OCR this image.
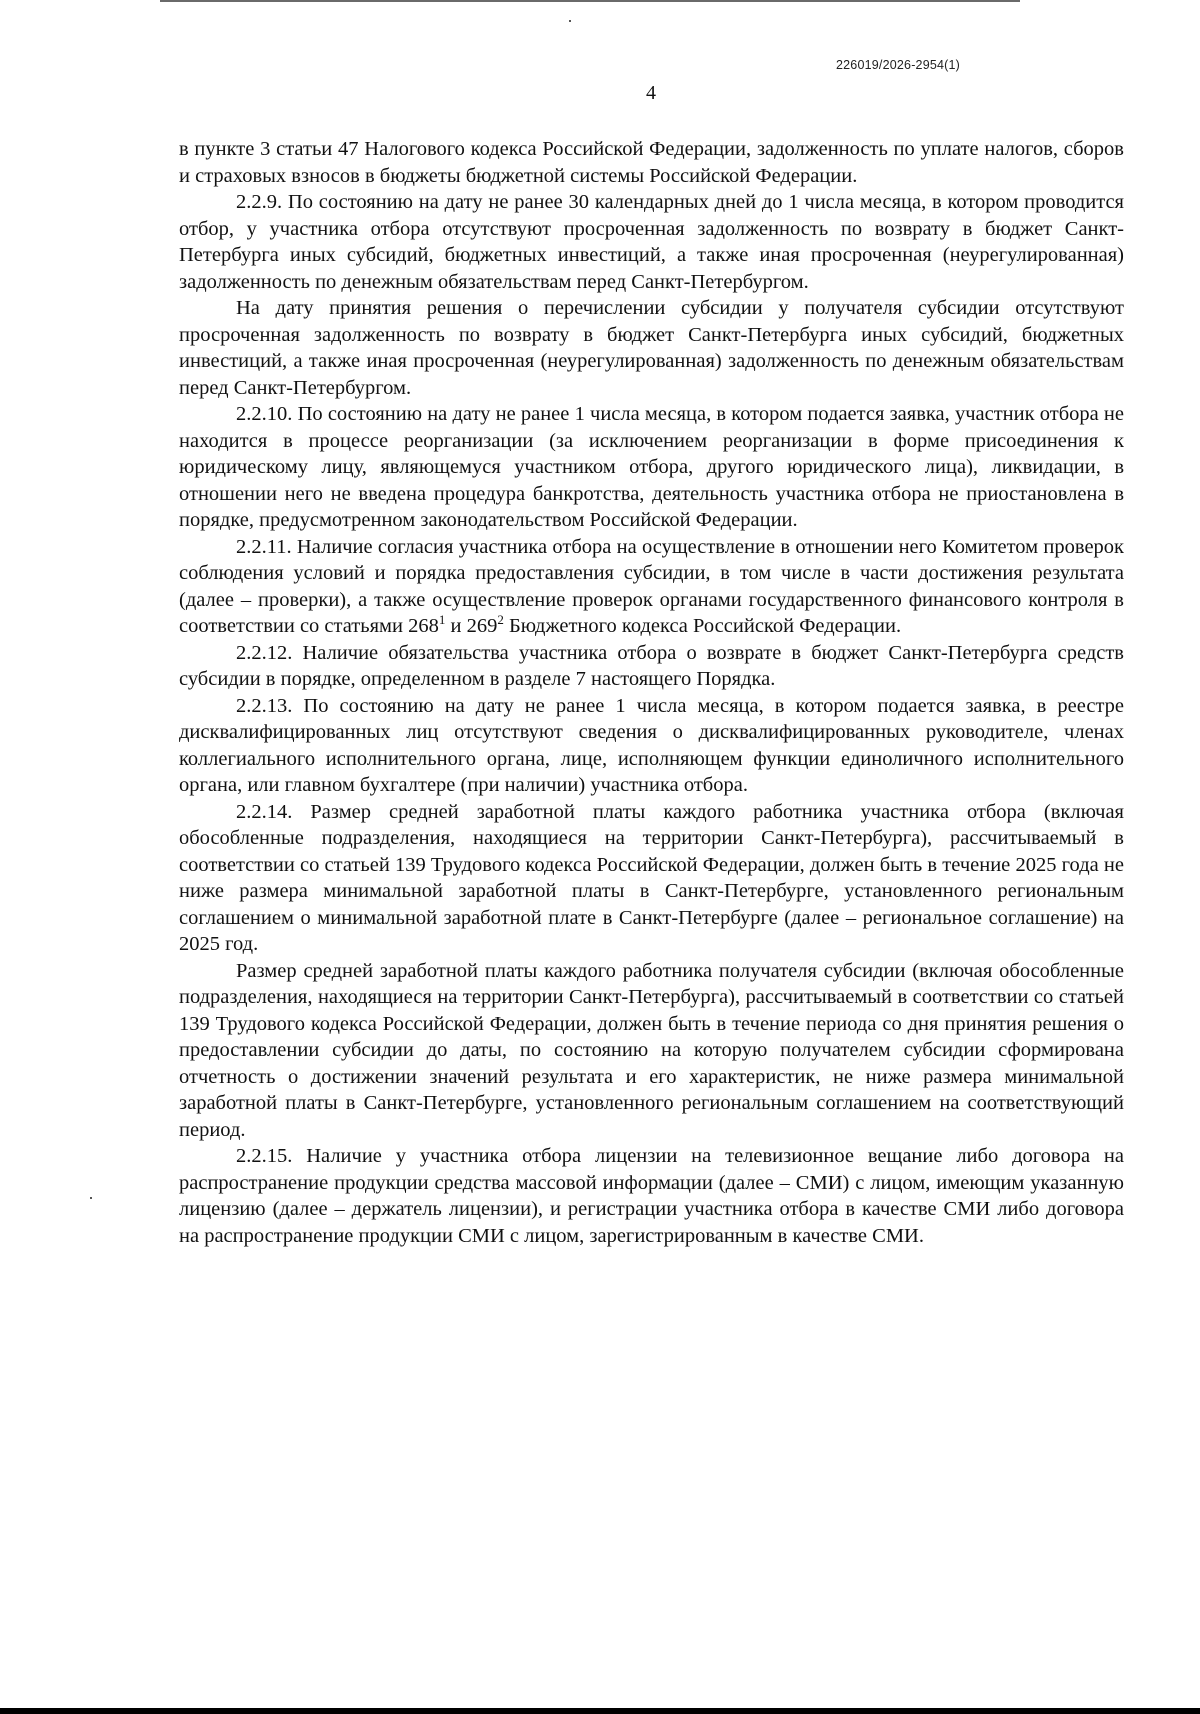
226019/2026-2954(1)
4

в пункте 3 статьи 47 Налогового кодекса Российской Федерации, задолженность по уплате налогов, сборов и страховых взносов в бюджеты бюджетной системы Российской Федерации.

2.2.9. По состоянию на дату не ранее 30 календарных дней до 1 числа месяца, в котором проводится отбор, у участника отбора отсутствуют просроченная задолженность по возврату в бюджет Санкт-Петербурга иных субсидий, бюджетных инвестиций, а также иная просроченная (неурегулированная) задолженность по денежным обязательствам перед Санкт-Петербургом.

На дату принятия решения о перечислении субсидии у получателя субсидии отсутствуют просроченная задолженность по возврату в бюджет Санкт-Петербурга иных субсидий, бюджетных инвестиций, а также иная просроченная (неурегулированная) задолженность по денежным обязательствам перед Санкт-Петербургом.

2.2.10. По состоянию на дату не ранее 1 числа месяца, в котором подается заявка, участник отбора не находится в процессе реорганизации (за исключением реорганизации в форме присоединения к юридическому лицу, являющемуся участником отбора, другого юридического лица), ликвидации, в отношении него не введена процедура банкротства, деятельность участника отбора не приостановлена в порядке, предусмотренном законодательством Российской Федерации.

2.2.11. Наличие согласия участника отбора на осуществление в отношении него Комитетом проверок соблюдения условий и порядка предоставления субсидии, в том числе в части достижения результата (далее – проверки), а также осуществление проверок органами государственного финансового контроля в соответствии со статьями $268^1$ и $269^2$ Бюджетного кодекса Российской Федерации.

2.2.12. Наличие обязательства участника отбора о возврате в бюджет Санкт-Петербурга средств субсидии в порядке, определенном в разделе 7 настоящего Порядка.

2.2.13. По состоянию на дату не ранее 1 числа месяца, в котором подается заявка, в реестре дисквалифицированных лиц отсутствуют сведения о дисквалифицированных руководителе, членах коллегиального исполнительного органа, лице, исполняющем функции единоличного исполнительного органа, или главном бухгалтере (при наличии) участника отбора.

2.2.14. Размер средней заработной платы каждого работника участника отбора (включая обособленные подразделения, находящиеся на территории Санкт-Петербурга), рассчитываемый в соответствии со статьей 139 Трудового кодекса Российской Федерации, должен быть в течение 2025 года не ниже размера минимальной заработной платы в Санкт-Петербурге, установленного региональным соглашением о минимальной заработной плате в Санкт-Петербурге (далее – региональное соглашение) на 2025 год.

Размер средней заработной платы каждого работника получателя субсидии (включая обособленные подразделения, находящиеся на территории Санкт-Петербурга), рассчитываемый в соответствии со статьей 139 Трудового кодекса Российской Федерации, должен быть в течение периода со дня принятия решения о предоставлении субсидии до даты, по состоянию на которую получателем субсидии сформирована отчетность о достижении значений результата и его характеристик, не ниже размера минимальной заработной платы в Санкт-Петербурге, установленного региональным соглашением на соответствующий период.

2.2.15. Наличие у участника отбора лицензии на телевизионное вещание либо договора на распространение продукции средства массовой информации (далее – СМИ) с лицом, имеющим указанную лицензию (далее – держатель лицензии), и регистрации участника отбора в качестве СМИ либо договора на распространение продукции СМИ с лицом, зарегистрированным в качестве СМИ.
